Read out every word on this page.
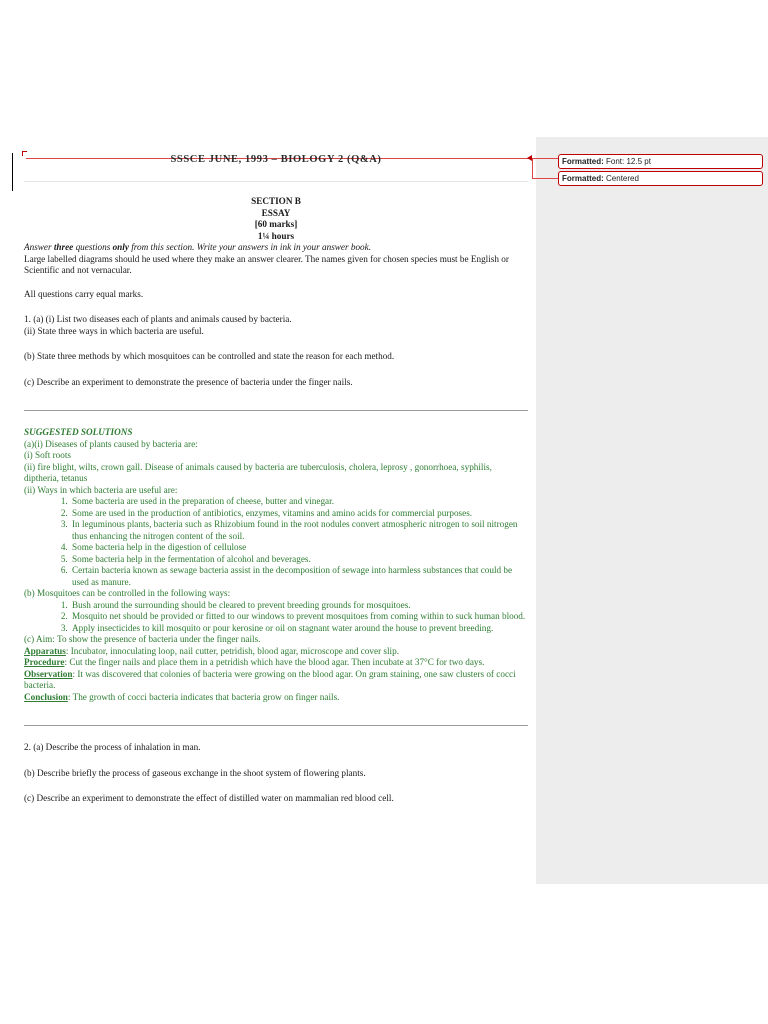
Formatted: Font: 12.5 pt
Formatted: Centered
SSSCE JUNE, 1993 – BIOLOGY 2 (Q&A)
SECTION B
ESSAY
[60 marks]
1¼ hours

Answer three questions only from this section. Write your answers in ink in your answer book.

Large labelled diagrams should he used where they make an answer clearer. The names given for chosen species must be English or Scientific and not vernacular.

All questions carry equal marks.

1. (a) (i) List two diseases each of plants and animals caused by bacteria.

(ii) State three ways in which bacteria are useful.

(b) State three methods by which mosquitoes can be controlled and state the reason for each method.

(c) Describe an experiment to demonstrate the presence of bacteria under the finger nails.

SUGGESTED SOLUTIONS

(a)(i) Diseases of plants caused by bacteria are:

(i) Soft roots

(ii) fire blight, wilts, crown gall. Disease of animals caused by bacteria are tuberculosis, cholera, leprosy , gonorrhoea, syphilis, diptheria, tetanus

(ii) Ways in which bacteria are useful are:

1. Some bacteria are used in the preparation of cheese, butter and vinegar.
2. Some are used in the production of antibiotics, enzymes, vitamins and amino acids for commercial purposes.
3. In leguminous plants, bacteria such as Rhizobium found in the root nodules convert atmospheric nitrogen to soil nitrogen thus enhancing the nitrogen content of the soil.
4. Some bacteria help in the digestion of cellulose
5. Some bacteria help in the fermentation of alcohol and beverages.
6. Certain bacteria known as sewage bacteria assist in the decomposition of sewage into harmless substances that could be used as manure.

(b) Mosquitoes can be controlled in the following ways:

1. Bush around the surrounding should be cleared to prevent breeding grounds for mosquitoes.
2. Mosquito net should be provided or fitted to our windows to prevent mosquitoes from coming within to suck human blood.
3. Apply insecticides to kill mosquito or pour kerosine or oil on stagnant water around the house to prevent breeding.

(c) Aim: To show the presence of bacteria under the finger nails.

Apparatus: Incubator, innoculating loop, nail cutter, petridish, blood agar, microscope and cover slip.

Procedure: Cut the finger nails and place them in a petridish which have the blood agar. Then incubate at 37°C for two days.

Observation: It was discovered that colonies of bacteria were growing on the blood agar. On gram staining, one saw clusters of cocci bacteria.

Conclusion: The growth of cocci bacteria indicates that bacteria grow on finger nails.

2. (a) Describe the process of inhalation in man.

(b) Describe briefly the process of gaseous exchange in the shoot system of flowering plants.

(c) Describe an experiment to demonstrate the effect of distilled water on mammalian red blood cell.
